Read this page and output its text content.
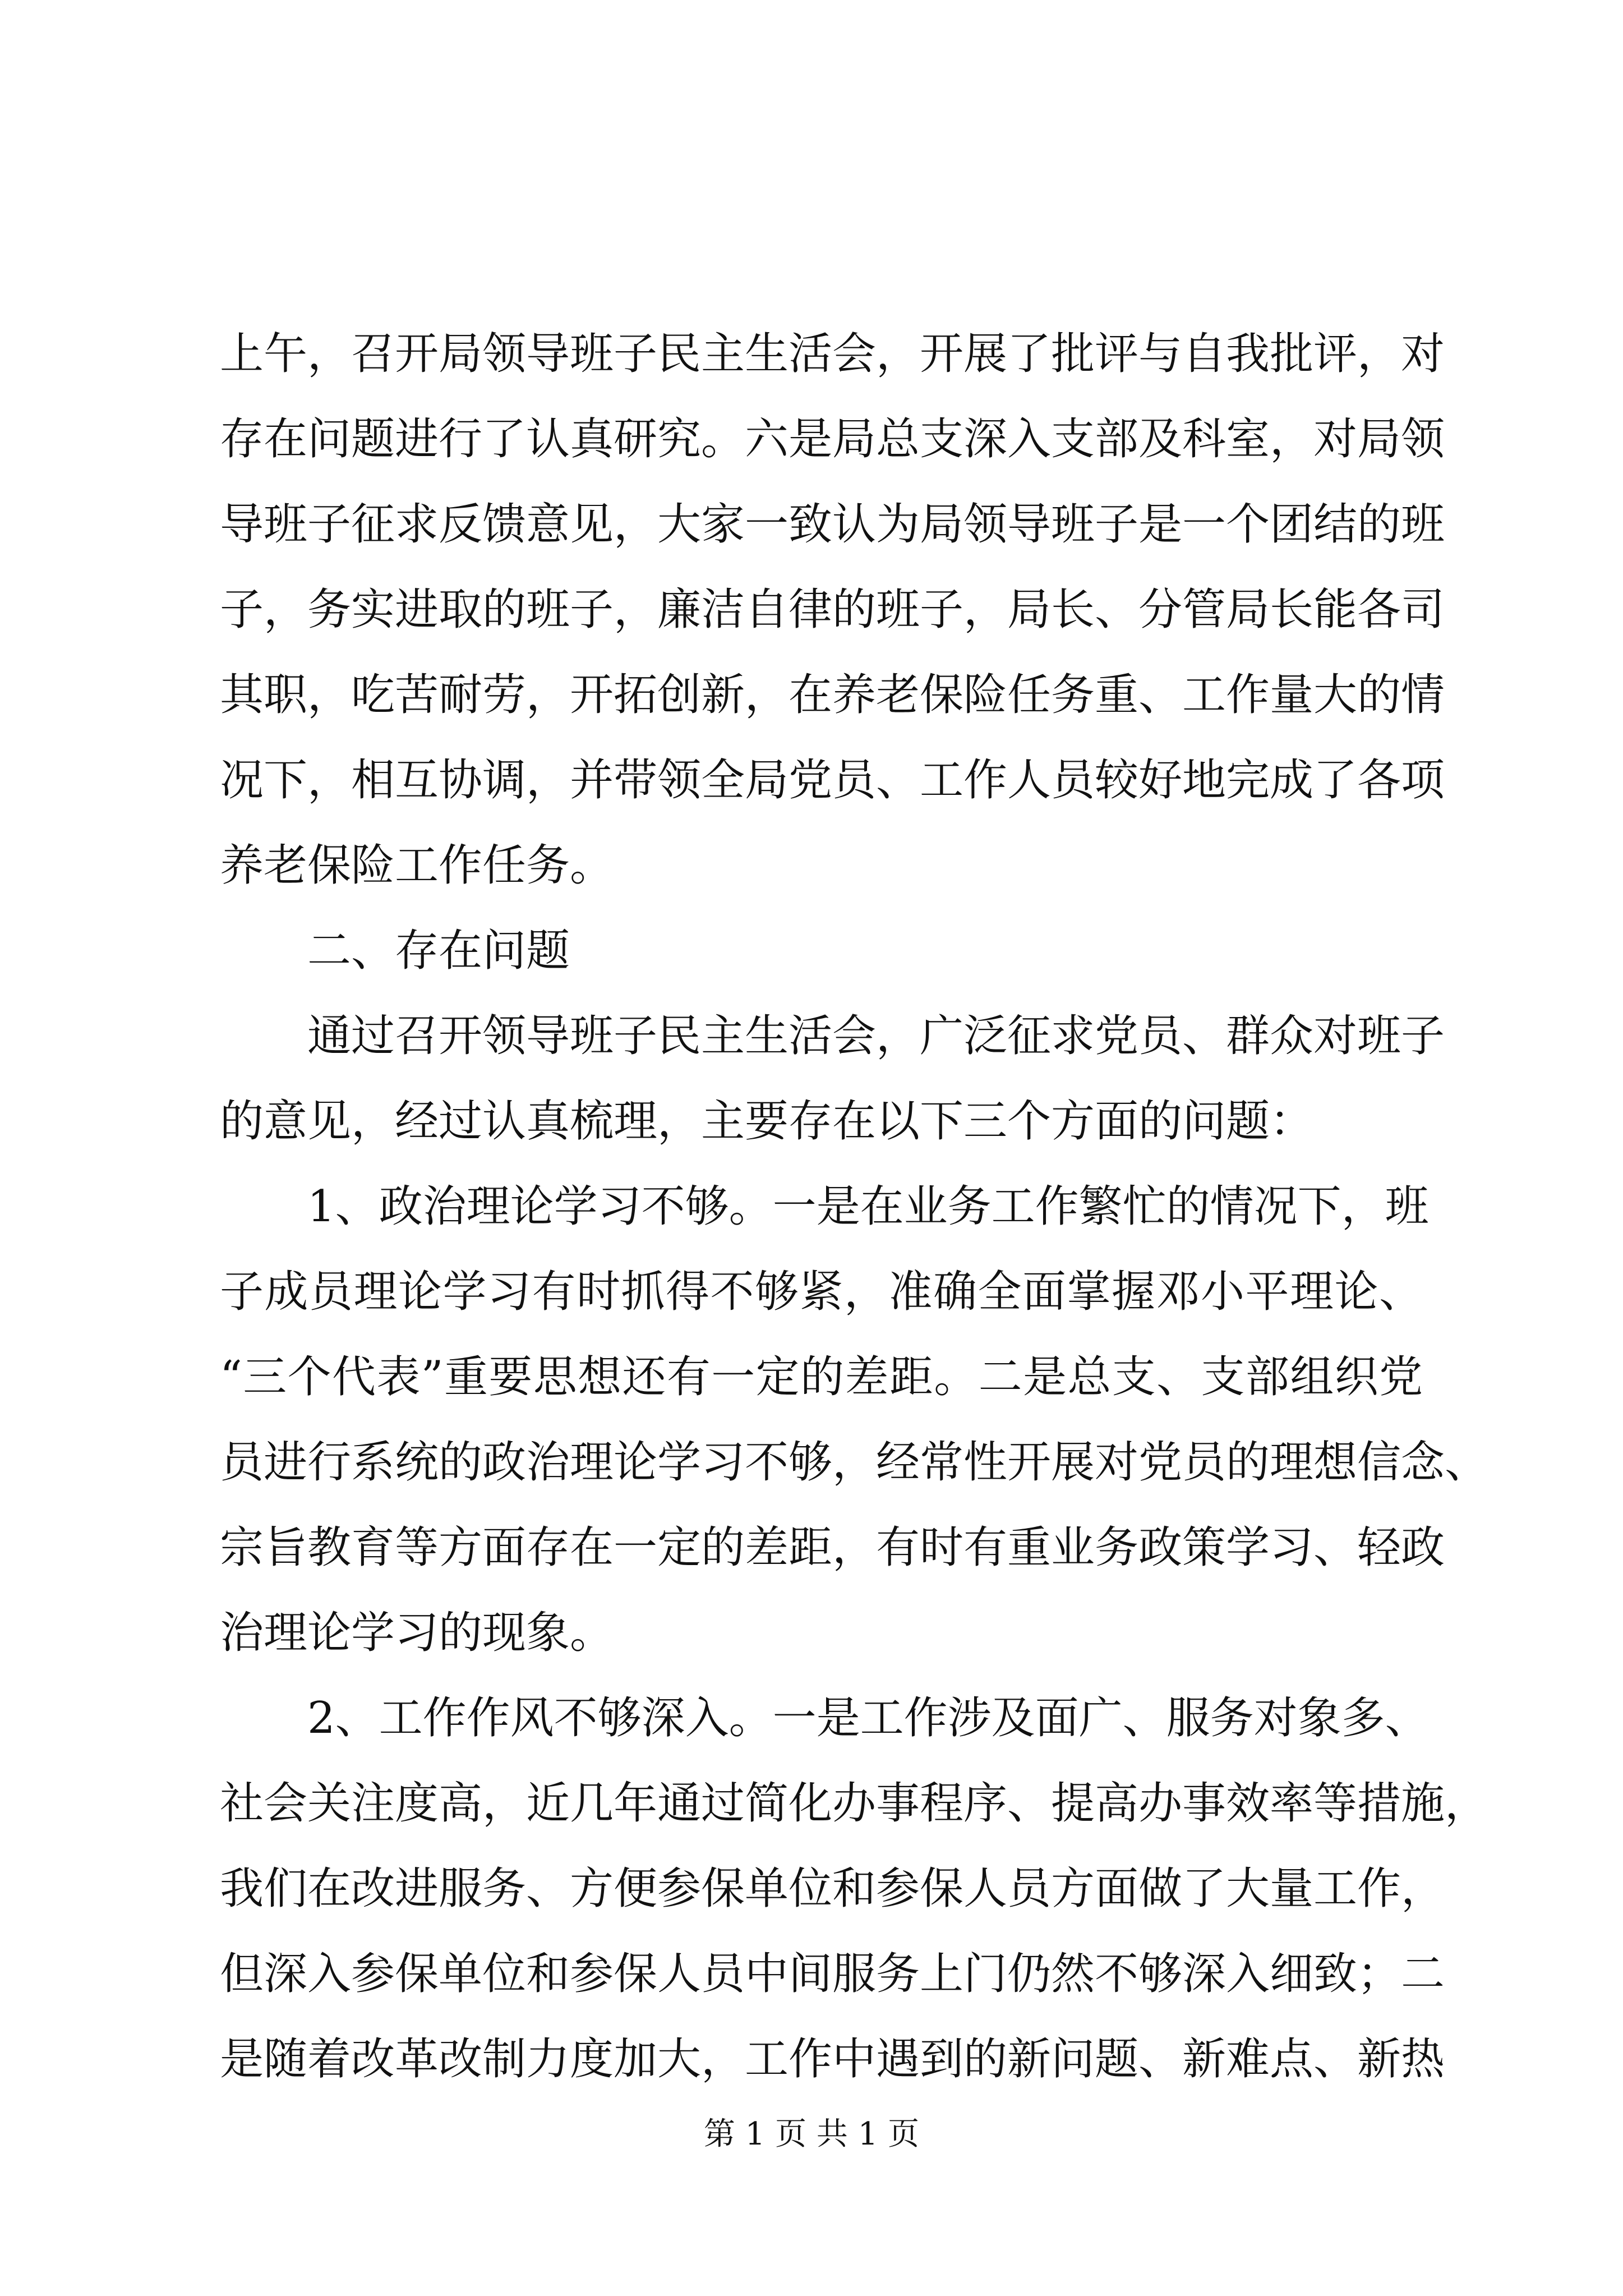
上午，召开局领导班子民主生活会，开展了批评与自我批评，对
存在问题进行了认真研究。六是局总支深入支部及科室，对局领
导班子征求反馈意见，大家一致认为局领导班子是一个团结的班
子，务实进取的班子，廉洁自律的班子，局长、分管局长能各司
其职，吃苦耐劳，开拓创新，在养老保险任务重、工作量大的情
况下，相互协调，并带领全局党员、工作人员较好地完成了各项
养老保险工作任务。
二、存在问题
通过召开领导班子民主生活会，广泛征求党员、群众对班子
的意见，经过认真梳理，主要存在以下三个方面的问题：
1、政治理论学习不够。一是在业务工作繁忙的情况下，班
子成员理论学习有时抓得不够紧，准确全面掌握邓小平理论、
“三个代表”重要思想还有一定的差距。二是总支、支部组织党
员进行系统的政治理论学习不够，经常性开展对党员的理想信念、
宗旨教育等方面存在一定的差距，有时有重业务政策学习、轻政
治理论学习的现象。
2、工作作风不够深入。一是工作涉及面广、服务对象多、
社会关注度高，近几年通过简化办事程序、提高办事效率等措施，
我们在改进服务、方便参保单位和参保人员方面做了大量工作，
但深入参保单位和参保人员中间服务上门仍然不够深入细致；二
是随着改革改制力度加大，工作中遇到的新问题、新难点、新热
第 1 页 共 1 页
